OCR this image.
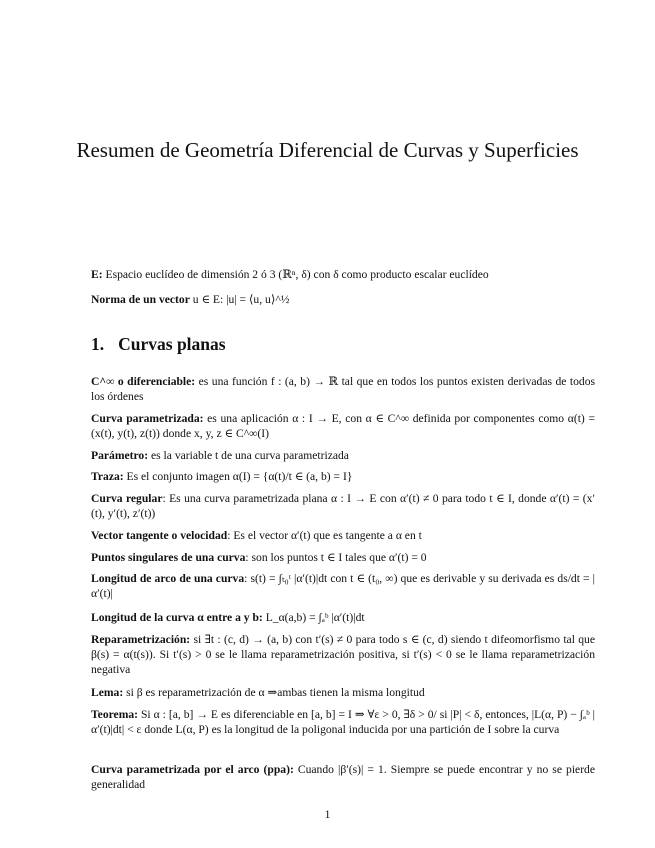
Resumen de Geometría Diferencial de Curvas y Superficies
E: Espacio euclídeo de dimensión 2 ó 3 (ℝⁿ, δ) con δ como producto escalar euclídeo
Norma de un vector u ∈ E: |u| = ⟨u, u⟩^½
1. Curvas planas
C^∞ o diferenciable: es una función f : (a, b) → ℝ tal que en todos los puntos existen derivadas de todos los órdenes
Curva parametrizada: es una aplicación α : I → E, con α ∈ C^∞ definida por componentes como α(t) = (x(t), y(t), z(t)) donde x, y, z ∈ C^∞(I)
Parámetro: es la variable t de una curva parametrizada
Traza: Es el conjunto imagen α(I) = {α(t)/t ∈ (a, b) = I}
Curva regular: Es una curva parametrizada plana α : I → E con α′(t) ≠ 0 para todo t ∈ I, donde α′(t) = (x′(t), y′(t), z′(t))
Vector tangente o velocidad: Es el vector α′(t) que es tangente a α en t
Puntos singulares de una curva: son los puntos t ∈ I tales que α′(t) = 0
Longitud de arco de una curva: s(t) = ∫ₜ₀ᵗ |α′(t)|dt con t ∈ (t₀, ∞) que es derivable y su derivada es ds/dt = |α′(t)|
Longitud de la curva α entre a y b: L_α(a,b) = ∫ₐᵇ |α′(t)|dt
Reparametrización: si ∃t : (c, d) → (a, b) con t′(s) ≠ 0 para todo s ∈ (c, d) siendo t difeomorfismo tal que β(s) = α(t(s)). Si t′(s) > 0 se le llama reparametrización positiva, si t′(s) < 0 se le llama reparametrización negativa
Lema: si β es reparametrización de α ⇒ambas tienen la misma longitud
Teorema: Si α : [a, b] → E es diferenciable en [a, b] = I ⇒ ∀ε > 0, ∃δ > 0/ si |P| < δ, entonces, |L(α, P) − ∫ₐᵇ |α′(t)|dt| < ε donde L(α, P) es la longitud de la poligonal inducida por una partición de I sobre la curva
Curva parametrizada por el arco (ppa): Cuando |β′(s)| = 1. Siempre se puede encontrar y no se pierde generalidad
1
